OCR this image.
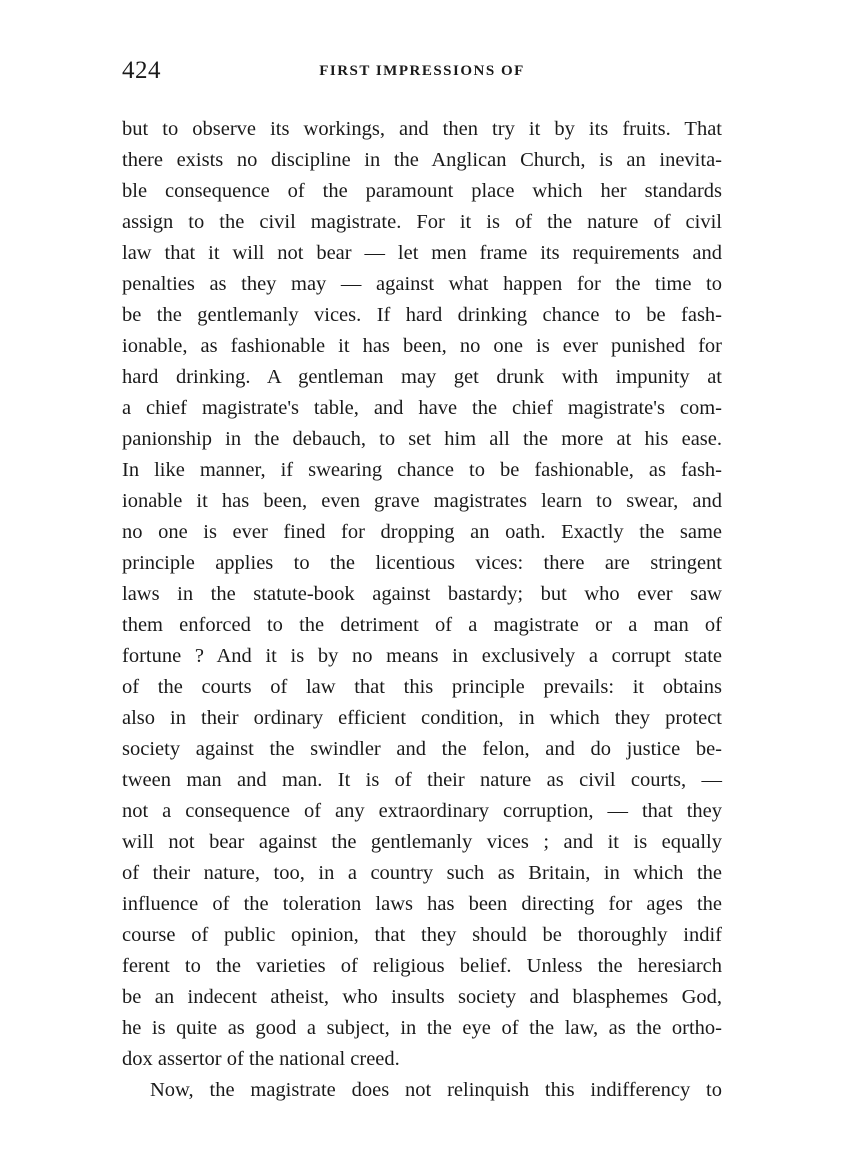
424	FIRST IMPRESSIONS OF
but to observe its workings, and then try it by its fruits. That
there exists no discipline in the Anglican Church, is an inevita-
ble consequence of the paramount place which her standards
assign to the civil magistrate. For it is of the nature of civil
law that it will not bear — let men frame its requirements and
penalties as they may — against what happen for the time to
be the gentlemanly vices. If hard drinking chance to be fash-
ionable, as fashionable it has been, no one is ever punished for
hard drinking. A gentleman may get drunk with impunity at
a chief magistrate's table, and have the chief magistrate's com-
panionship in the debauch, to set him all the more at his ease.
In like manner, if swearing chance to be fashionable, as fash-
ionable it has been, even grave magistrates learn to swear, and
no one is ever fined for dropping an oath. Exactly the same
principle applies to the licentious vices: there are stringent
laws in the statute-book against bastardy; but who ever saw
them enforced to the detriment of a magistrate or a man of
fortune ? And it is by no means in exclusively a corrupt state
of the courts of law that this principle prevails: it obtains
also in their ordinary efficient condition, in which they protect
society against the swindler and the felon, and do justice be-
tween man and man. It is of their nature as civil courts, —
not a consequence of any extraordinary corruption, — that they
will not bear against the gentlemanly vices ; and it is equally
of their nature, too, in a country such as Britain, in which the
influence of the toleration laws has been directing for ages the
course of public opinion, that they should be thoroughly indif
ferent to the varieties of religious belief. Unless the heresiarch
be an indecent atheist, who insults society and blasphemes God,
he is quite as good a subject, in the eye of the law, as the ortho-
dox assertor of the national creed.
Now, the magistrate does not relinquish this indifferency to
